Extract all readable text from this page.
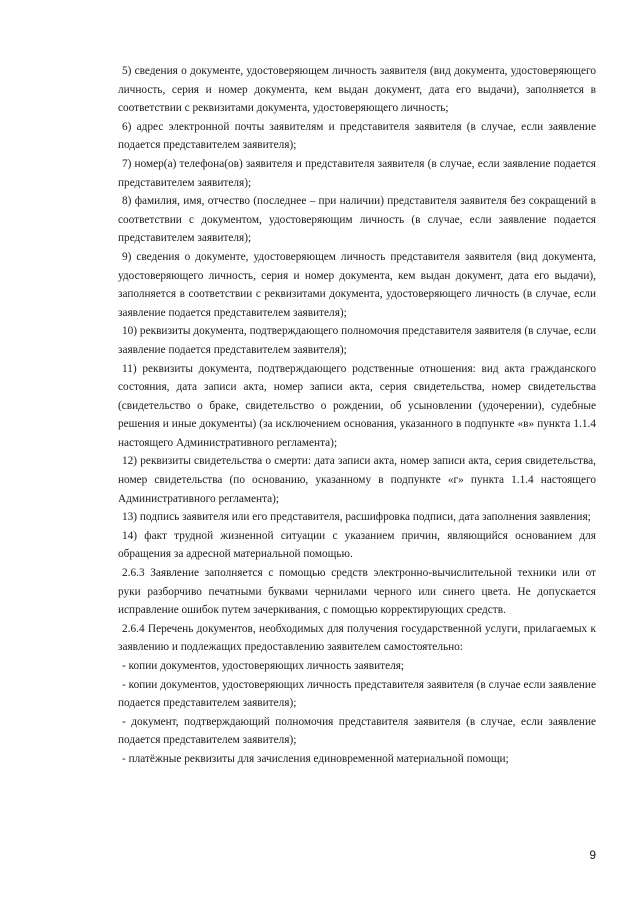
5) сведения о документе, удостоверяющем личность заявителя (вид документа, удостоверяющего личность, серия и номер документа, кем выдан документ, дата его выдачи), заполняется в соответствии с реквизитами документа, удостоверяющего личность;

6) адрес электронной почты заявителям и представителя заявителя (в случае, если заявление подается представителем заявителя);

7) номер(а) телефона(ов) заявителя и представителя заявителя (в случае, если заявление подается представителем заявителя);

8) фамилия, имя, отчество (последнее – при наличии) представителя заявителя без сокращений в соответствии с документом, удостоверяющим личность (в случае, если заявление подается представителем заявителя);

9) сведения о документе, удостоверяющем личность представителя заявителя (вид документа, удостоверяющего личность, серия и номер документа, кем выдан документ, дата его выдачи), заполняется в соответствии с реквизитами документа, удостоверяющего личность (в случае, если заявление подается представителем заявителя);

10) реквизиты документа, подтверждающего полномочия представителя заявителя (в случае, если заявление подается представителем заявителя);

11) реквизиты документа, подтверждающего родственные отношения: вид акта гражданского состояния, дата записи акта, номер записи акта, серия свидетельства, номер свидетельства (свидетельство о браке, свидетельство о рождении, об усыновлении (удочерении), судебные решения и иные документы) (за исключением основания, указанного в подпункте «в» пункта 1.1.4 настоящего Административного регламента);

12) реквизиты свидетельства о смерти: дата записи акта, номер записи акта, серия свидетельства, номер свидетельства (по основанию, указанному в подпункте «г» пункта 1.1.4 настоящего Административного регламента);

13) подпись заявителя или его представителя, расшифровка подписи, дата заполнения заявления;

14) факт трудной жизненной ситуации с указанием причин, являющийся основанием для обращения за адресной материальной помощью.

2.6.3 Заявление заполняется с помощью средств электронно-вычислительной техники или от руки разборчиво печатными буквами чернилами черного или синего цвета. Не допускается исправление ошибок путем зачеркивания, с помощью корректирующих средств.

2.6.4 Перечень документов, необходимых для получения государственной услуги, прилагаемых к заявлению и подлежащих предоставлению заявителем самостоятельно:

- копии документов, удостоверяющих личность заявителя;

- копии документов, удостоверяющих личность представителя заявителя (в случае если заявление подается представителем заявителя);

- документ, подтверждающий полномочия представителя заявителя (в случае, если заявление подается представителем заявителя);

- платёжные реквизиты для зачисления единовременной материальной помощи;

9
